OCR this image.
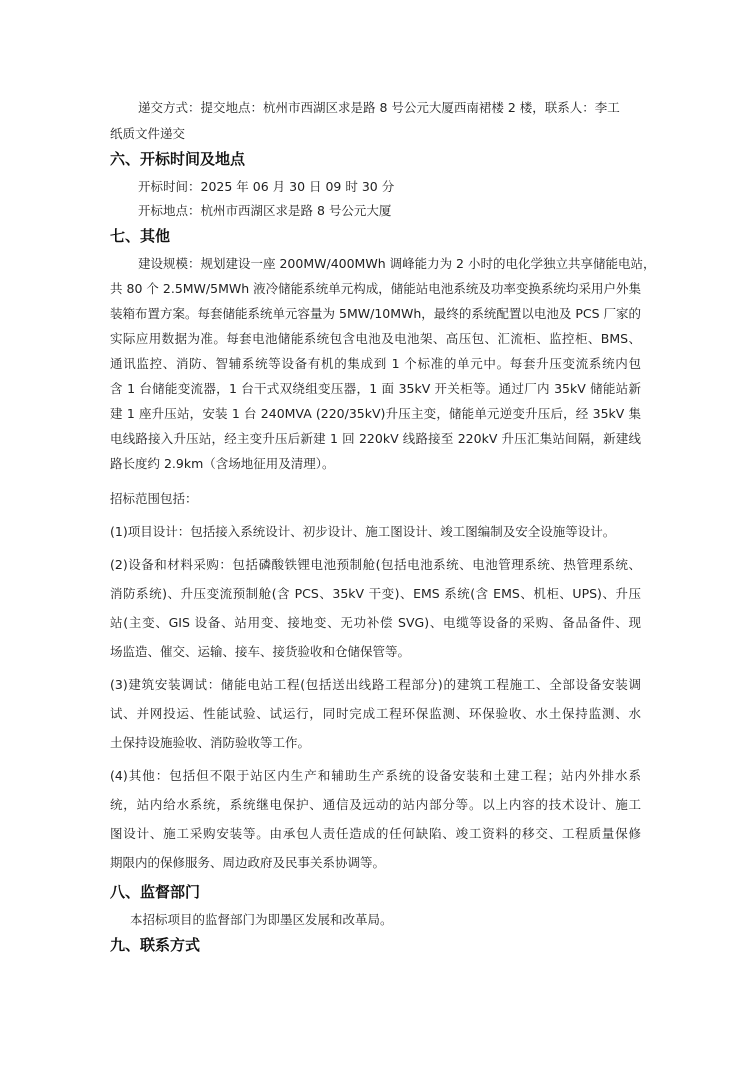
递交方式：提交地点：杭州市西湖区求是路 8 号公元大厦西南裙楼 2 楼，联系人：李工
纸质文件递交
六、开标时间及地点
开标时间：2025 年 06 月 30 日 09 时 30 分
开标地点：杭州市西湖区求是路 8 号公元大厦
七、其他
建设规模：规划建设一座 200MW/400MWh 调峰能力为 2 小时的电化学独立共享储能电站，
共 80 个 2.5MW/5MWh 液冷储能系统单元构成，储能站电池系统及功率变换系统均采用户外集
装箱布置方案。每套储能系统单元容量为 5MW/10MWh，最终的系统配置以电池及 PCS 厂家的
实际应用数据为准。每套电池储能系统包含电池及电池架、高压包、汇流柜、监控柜、BMS、
通讯监控、消防、智辅系统等设备有机的集成到 1 个标准的单元中。每套升压变流系统内包
含 1 台储能变流器，1 台干式双绕组变压器，1 面 35kV 开关柜等。通过厂内 35kV 储能站新
建 1 座升压站，安装 1 台 240MVA (220/35kV)升压主变，储能单元逆变升压后，经 35kV 集
电线路接入升压站，经主变升压后新建 1 回 220kV 线路接至 220kV 升压汇集站间隔，新建线
路长度约 2.9km（含场地征用及清理）。
招标范围包括：
(1)项目设计：包括接入系统设计、初步设计、施工图设计、竣工图编制及安全设施等设计。
(2)设备和材料采购：包括磷酸铁锂电池预制舱(包括电池系统、电池管理系统、热管理系统、
消防系统)、升压变流预制舱(含 PCS、35kV 干变)、EMS 系统(含 EMS、机柜、UPS)、升压
站(主变、GIS 设备、站用变、接地变、无功补偿 SVG)、电缆等设备的采购、备品备件、现
场监造、催交、运输、接车、接货验收和仓储保管等。
(3)建筑安装调试：储能电站工程(包括送出线路工程部分)的建筑工程施工、全部设备安装调
试、并网投运、性能试验、试运行，同时完成工程环保监测、环保验收、水土保持监测、水
土保持设施验收、消防验收等工作。
(4)其他：包括但不限于站区内生产和辅助生产系统的设备安装和土建工程；站内外排水系
统，站内给水系统，系统继电保护、通信及远动的站内部分等。以上内容的技术设计、施工
图设计、施工采购安装等。由承包人责任造成的任何缺陷、竣工资料的移交、工程质量保修
期限内的保修服务、周边政府及民事关系协调等。
八、监督部门
本招标项目的监督部门为即墨区发展和改革局。
九、联系方式
